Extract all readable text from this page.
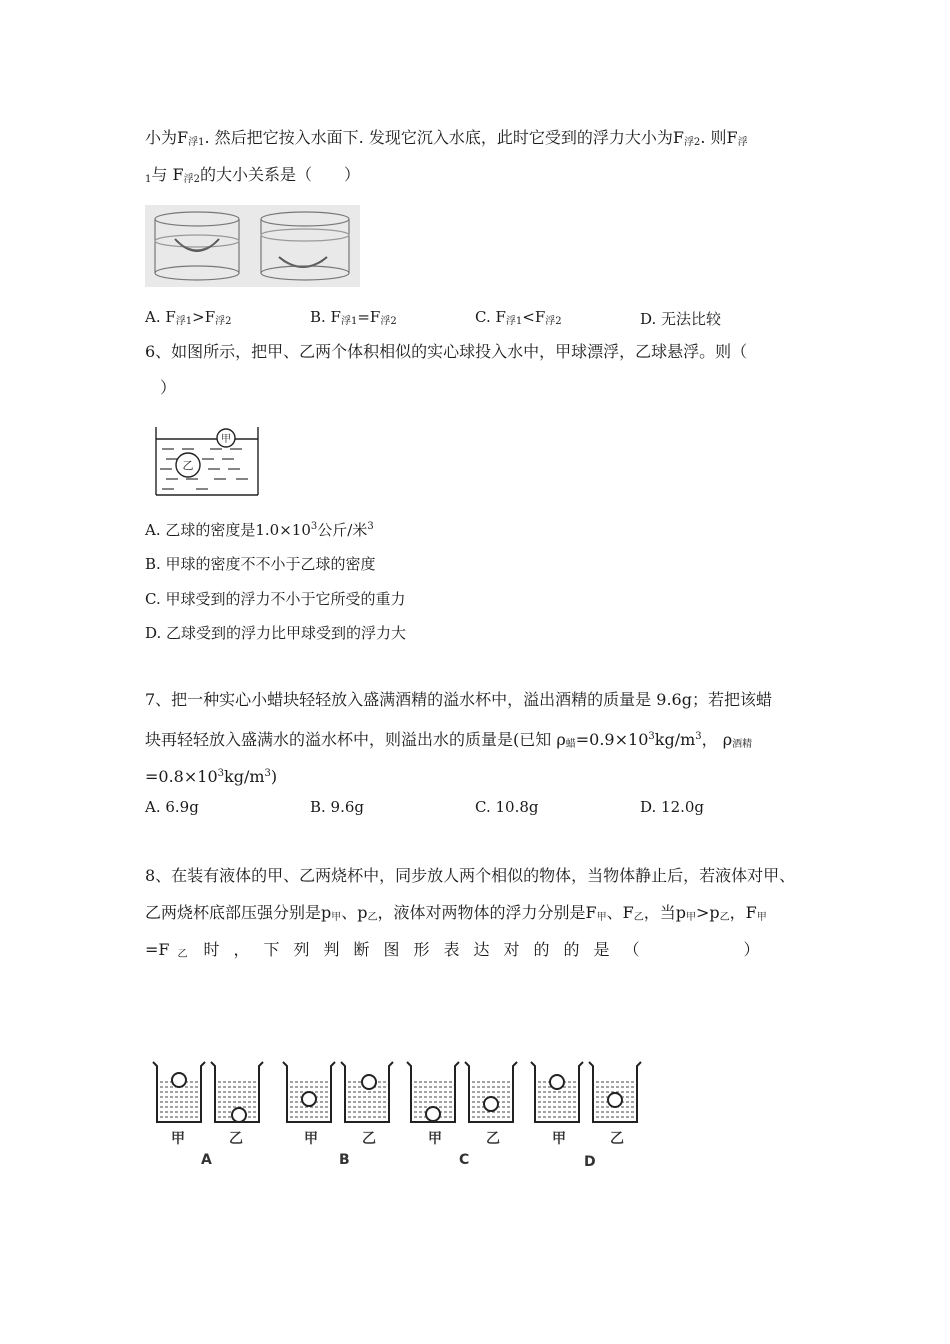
小为$F_{浮1}$. 然后把它按入水面下. 发现它沉入水底，此时它受到的浮力大小为$F_{浮2}$. 则$F_浮$
$_1$与 $F_{浮2}$的大小关系是（　　）
A. $F_{浮1}>F_{浮2}$	B. $F_{浮1}=F_{浮2}$	C. $F_{浮1}<F_{浮2}$	D. 无法比较
6、如图所示，把甲、乙两个体积相似的实心球投入水中，甲球漂浮，乙球悬浮。则（
）
甲
乙
A. 乙球的密度是$1.0\times 10^3$公斤/米$^3$
B. 甲球的密度不不小于乙球的密度
C. 甲球受到的浮力不小于它所受的重力
D. 乙球受到的浮力比甲球受到的浮力大
7、把一种实心小蜡块轻轻放入盛满酒精的溢水杯中，溢出酒精的质量是 9.6g；若把该蜡
块再轻轻放入盛满水的溢水杯中，则溢出水的质量是(已知 $\rho_蜡=0.9\times 10^3kg/m^3$， $\rho_{酒精}$
$=0.8\times 10^3kg/m^3$)
A. 6.9g	B. 9.6g	C. 10.8g	D. 12.0g
8、在装有液体的甲、乙两烧杯中，同步放人两个相似的物体，当物体静止后，若液体对甲、
乙两烧杯底部压强分别是$p_甲$、$p_乙$，液体对两物体的浮力分别是$F_甲$、$F_乙$，当$p_甲>p_乙$，$F_甲$
=F $_乙$ 时，下列判断图形表达对的的是（　　　）
甲	乙	甲	乙	甲	乙	甲	乙
A	B	C	D
